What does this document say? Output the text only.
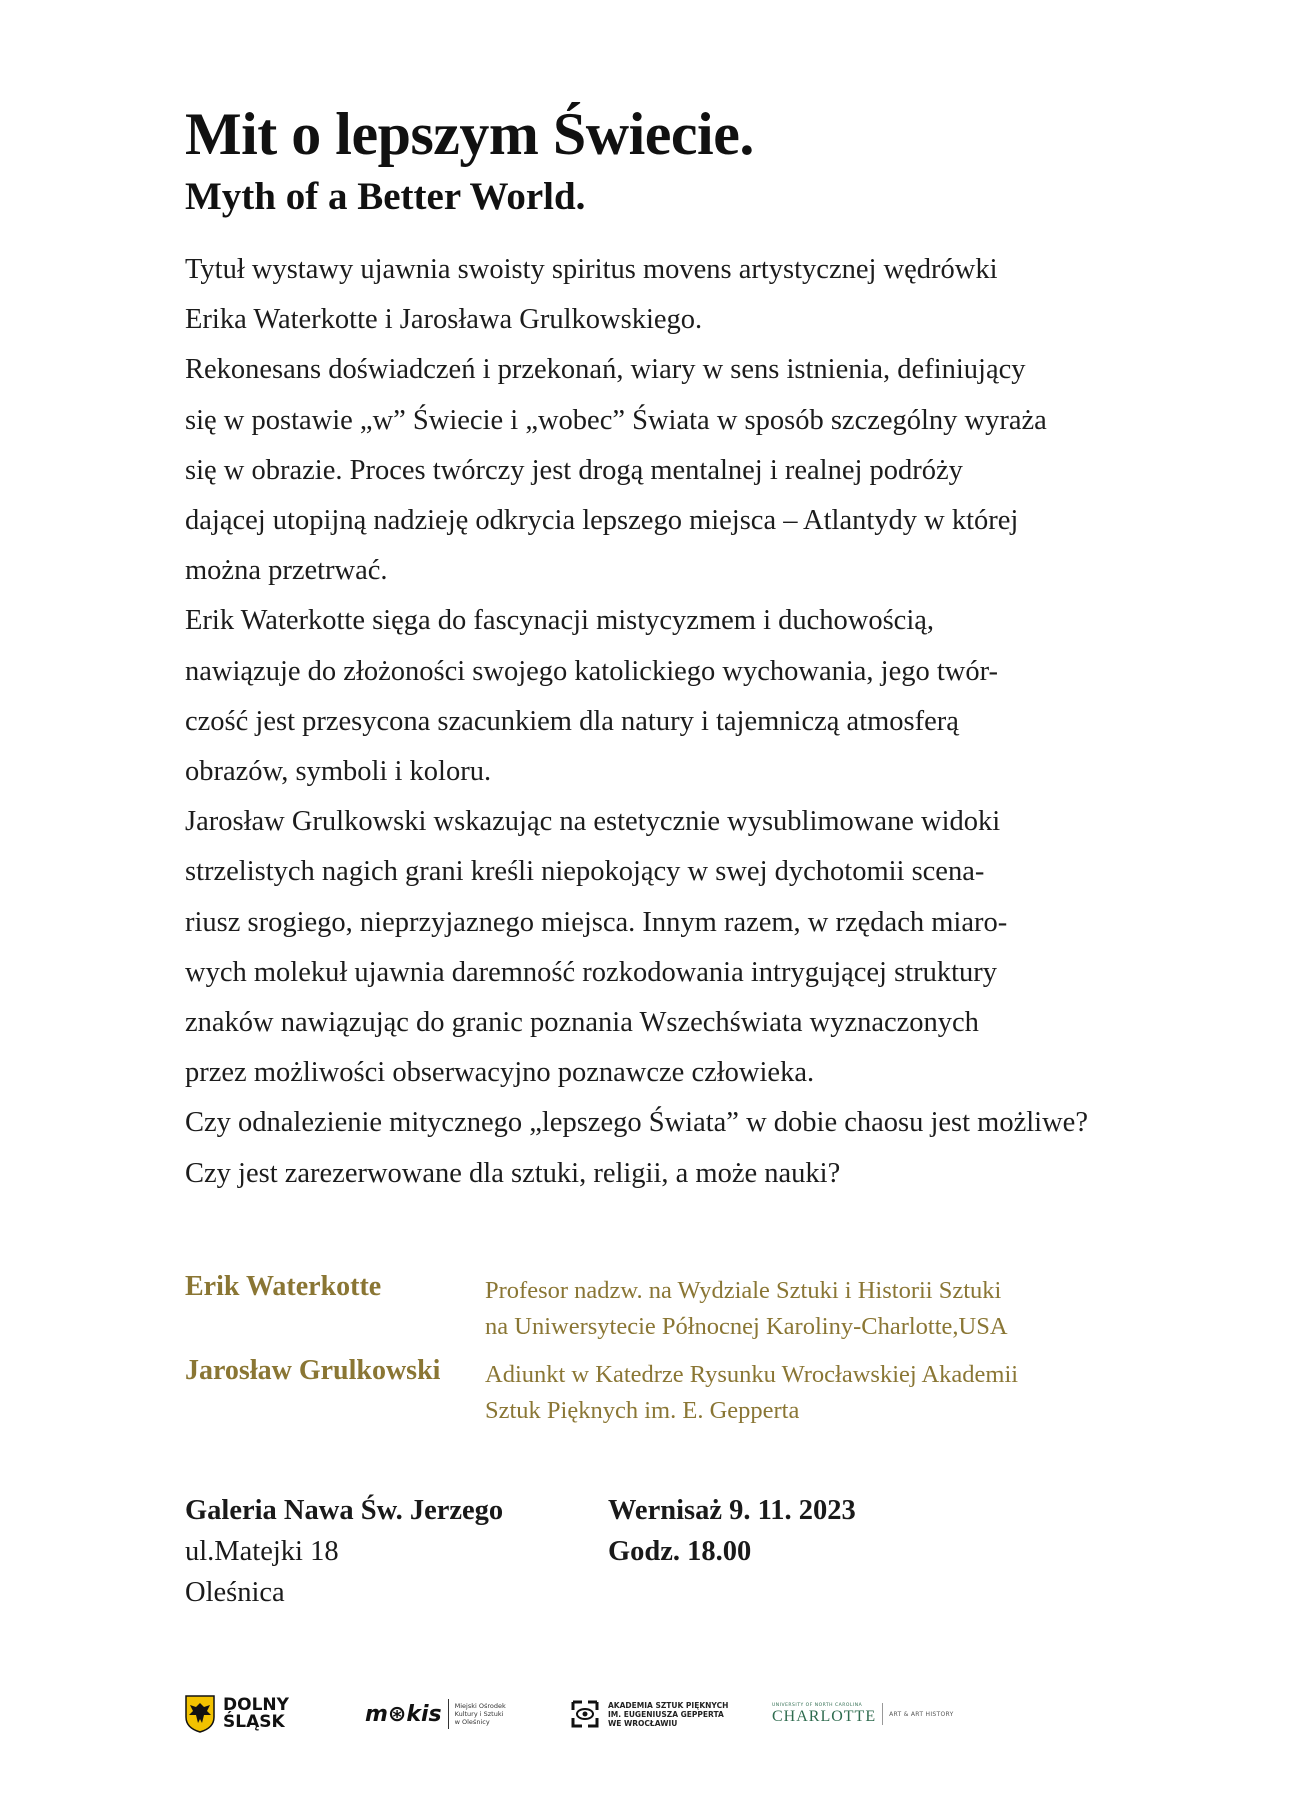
Mit o lepszym Świecie.
Myth of a Better World.

Tytuł wystawy ujawnia swoisty spiritus movens artystycznej wędrówki

Erika Waterkotte i Jarosława Grulkowskiego.

Rekonesans doświadczeń i przekonań, wiary w sens istnienia, definiujący

się w postawie „w” Świecie i „wobec” Świata w sposób szczególny wyraża

się w obrazie. Proces twórczy jest drogą mentalnej i realnej podróży

dającej utopijną nadzieję odkrycia lepszego miejsca – Atlantydy w której

można przetrwać.

Erik Waterkotte sięga do fascynacji mistycyzmem i duchowością,

nawiązuje do złożoności swojego katolickiego wychowania, jego twór-

czość jest przesycona szacunkiem dla natury i tajemniczą atmosferą

obrazów, symboli i koloru.

Jarosław Grulkowski wskazując na estetycznie wysublimowane widoki

strzelistych nagich grani kreśli niepokojący w swej dychotomii scena-

riusz srogiego, nieprzyjaznego miejsca. Innym razem, w rzędach miaro-

wych molekuł ujawnia daremność rozkodowania intrygującej struktury

znaków nawiązując do granic poznania Wszechświata wyznaczonych

przez możliwości obserwacyjno poznawcze człowieka.

Czy odnalezienie mitycznego „lepszego Świata” w dobie chaosu jest możliwe?

Czy jest zarezerwowane dla sztuki, religii, a może nauki?

Erik Waterkotte	Profesor nadzw. na Wydziale Sztuki i Historii Sztuki
na Uniwersytecie Północnej Karoliny-Charlotte,USA
Jarosław Grulkowski Adiunkt w Katedrze Rysunku Wrocławskiej Akademii
Sztuk Pięknych im. E. Gepperta
Galeria Nawa Św. Jerzego
ul.Matejki 18
Oleśnica
Wernisaż 9. 11. 2023
Godz. 18.00
DOLNY
ŚLĄSK	m⊛kis Miejski Ośrodek
Kultury i Sztuki
w Oleśnicy
AKADEMIA SZTUK PIĘKNYCH
IM. EUGENIUSZA GEPPERTA
WE WROCŁAWIU
UNIVERSITY OF NORTH CAROLINA
CHARLOTTE ART & ART HISTORY
